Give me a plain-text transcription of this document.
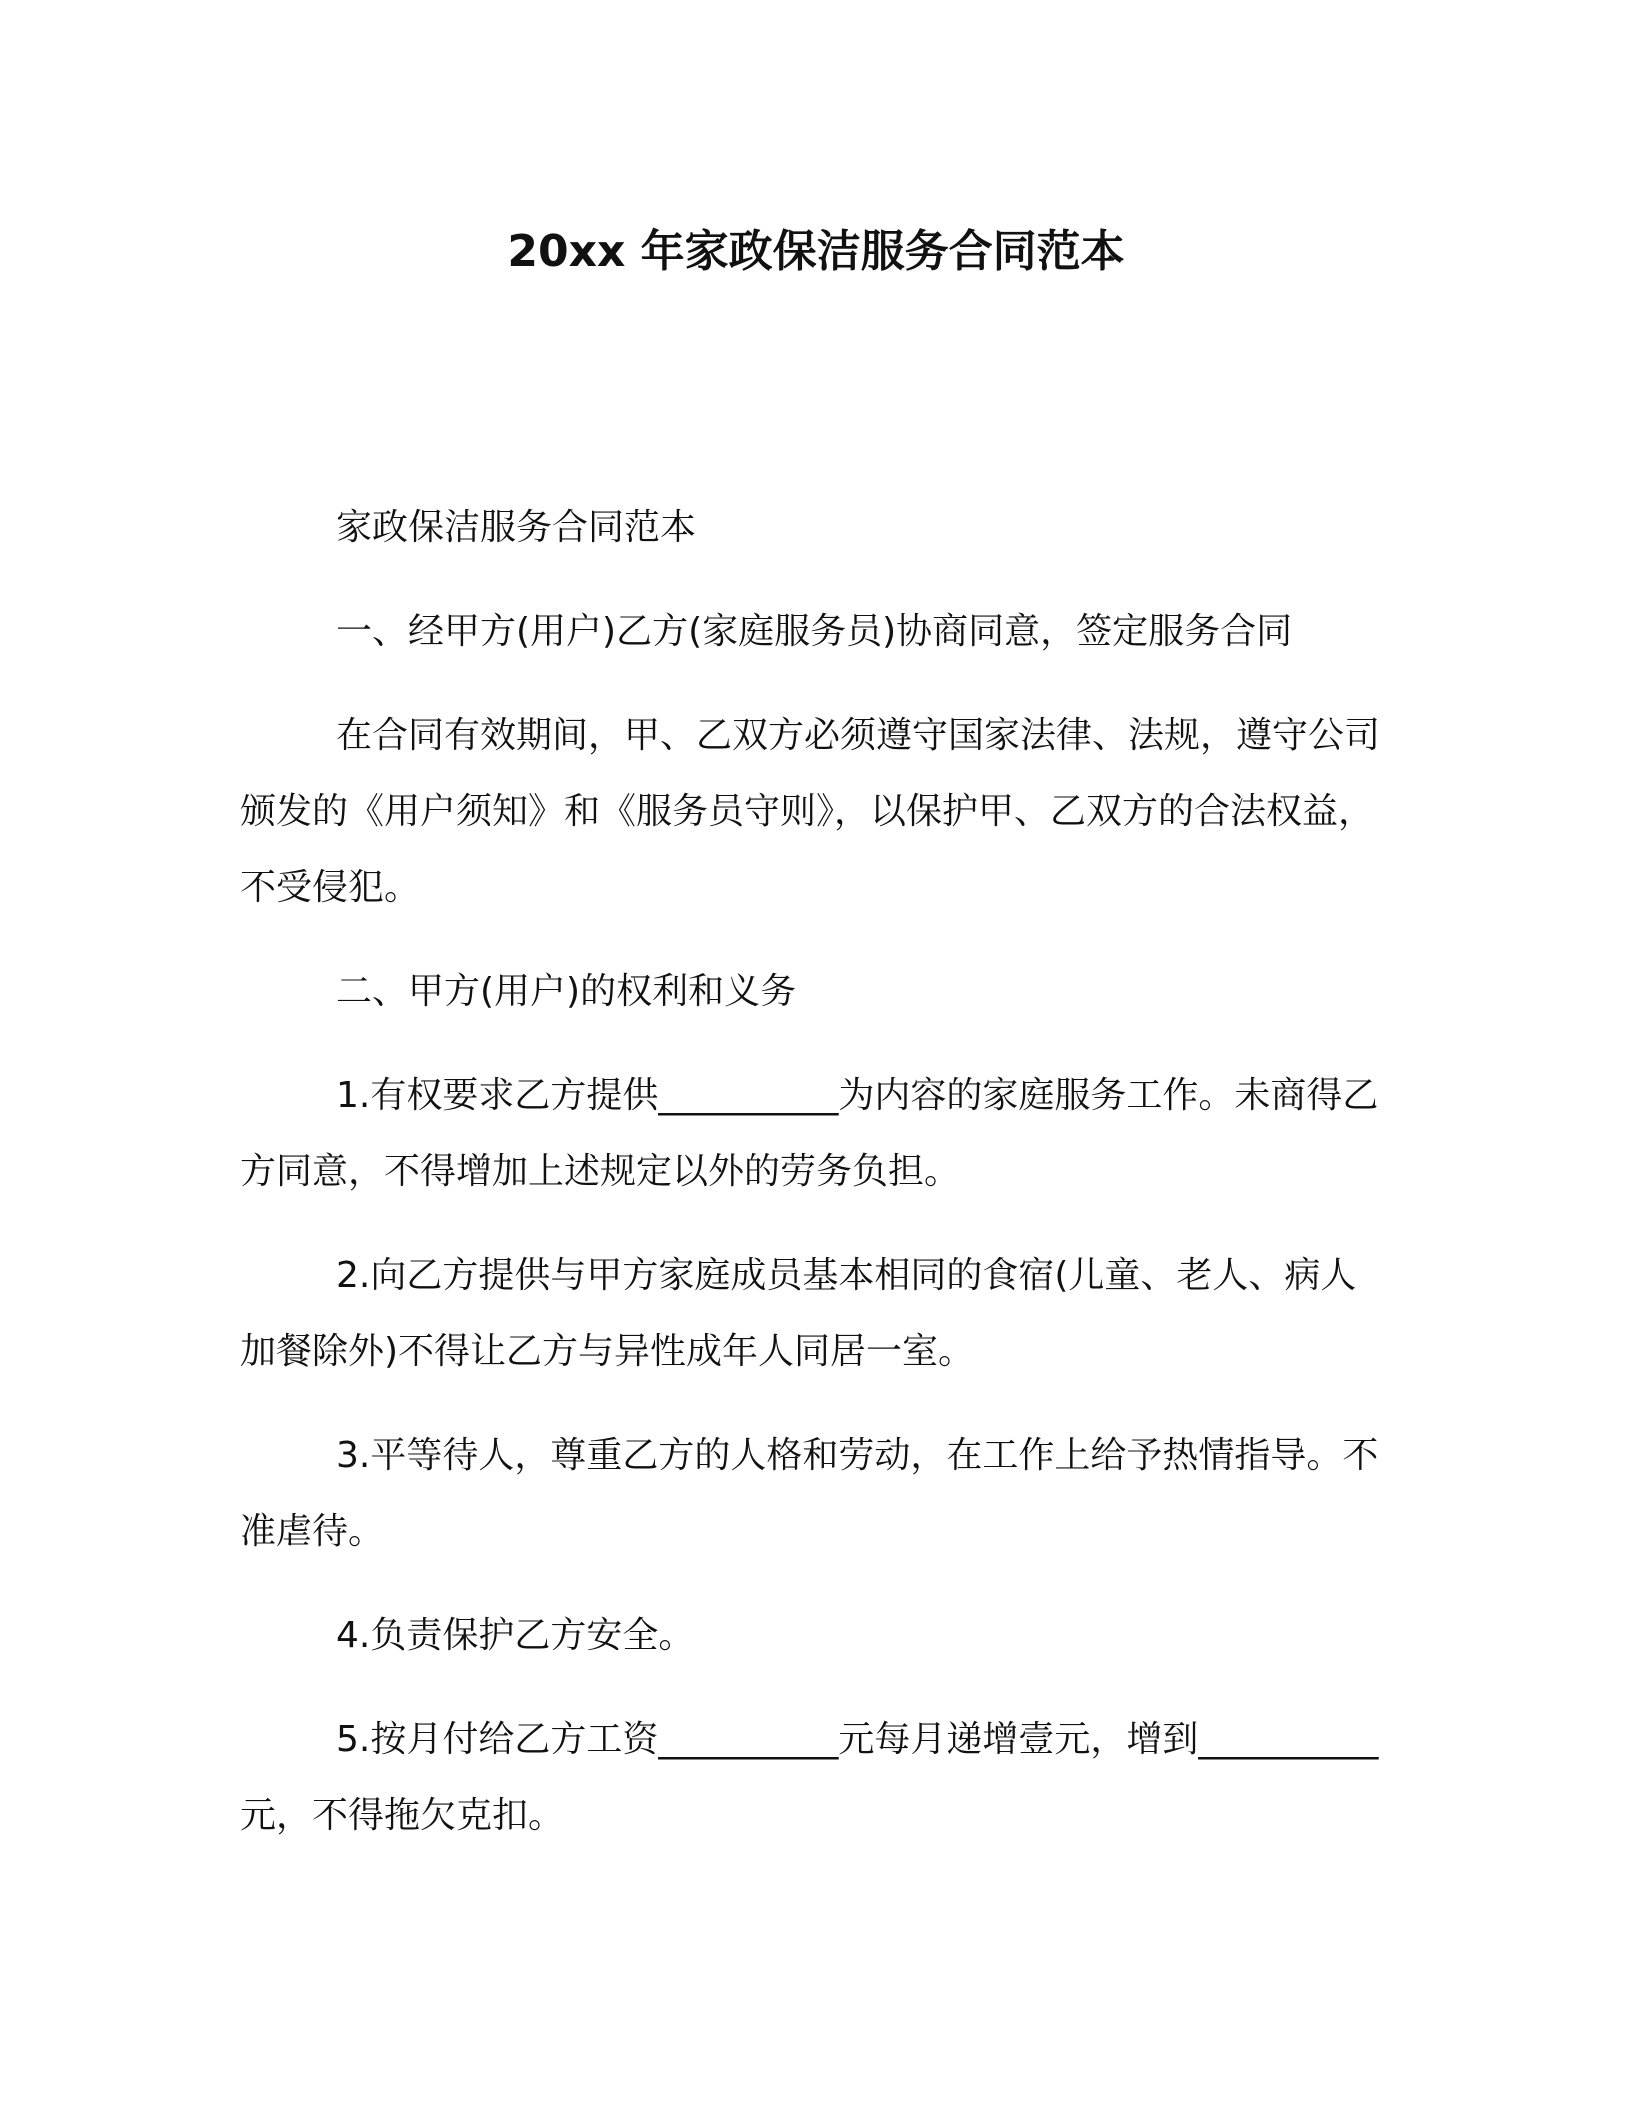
20xx 年家政保洁服务合同范本

家政保洁服务合同范本

一、经甲方(用户)乙方(家庭服务员)协商同意，签定服务合同

在合同有效期间，甲、乙双方必须遵守国家法律、法规，遵守公司颁发的《用户须知》和《服务员守则》，以保护甲、乙双方的合法权益，不受侵犯。

二、甲方(用户)的权利和义务

1.有权要求乙方提供__________为内容的家庭服务工作。未商得乙方同意，不得增加上述规定以外的劳务负担。

2.向乙方提供与甲方家庭成员基本相同的食宿(儿童、老人、病人加餐除外)不得让乙方与异性成年人同居一室。

3.平等待人，尊重乙方的人格和劳动，在工作上给予热情指导。不准虐待。

4.负责保护乙方安全。

5.按月付给乙方工资__________元每月递增壹元，增到__________元，不得拖欠克扣。
